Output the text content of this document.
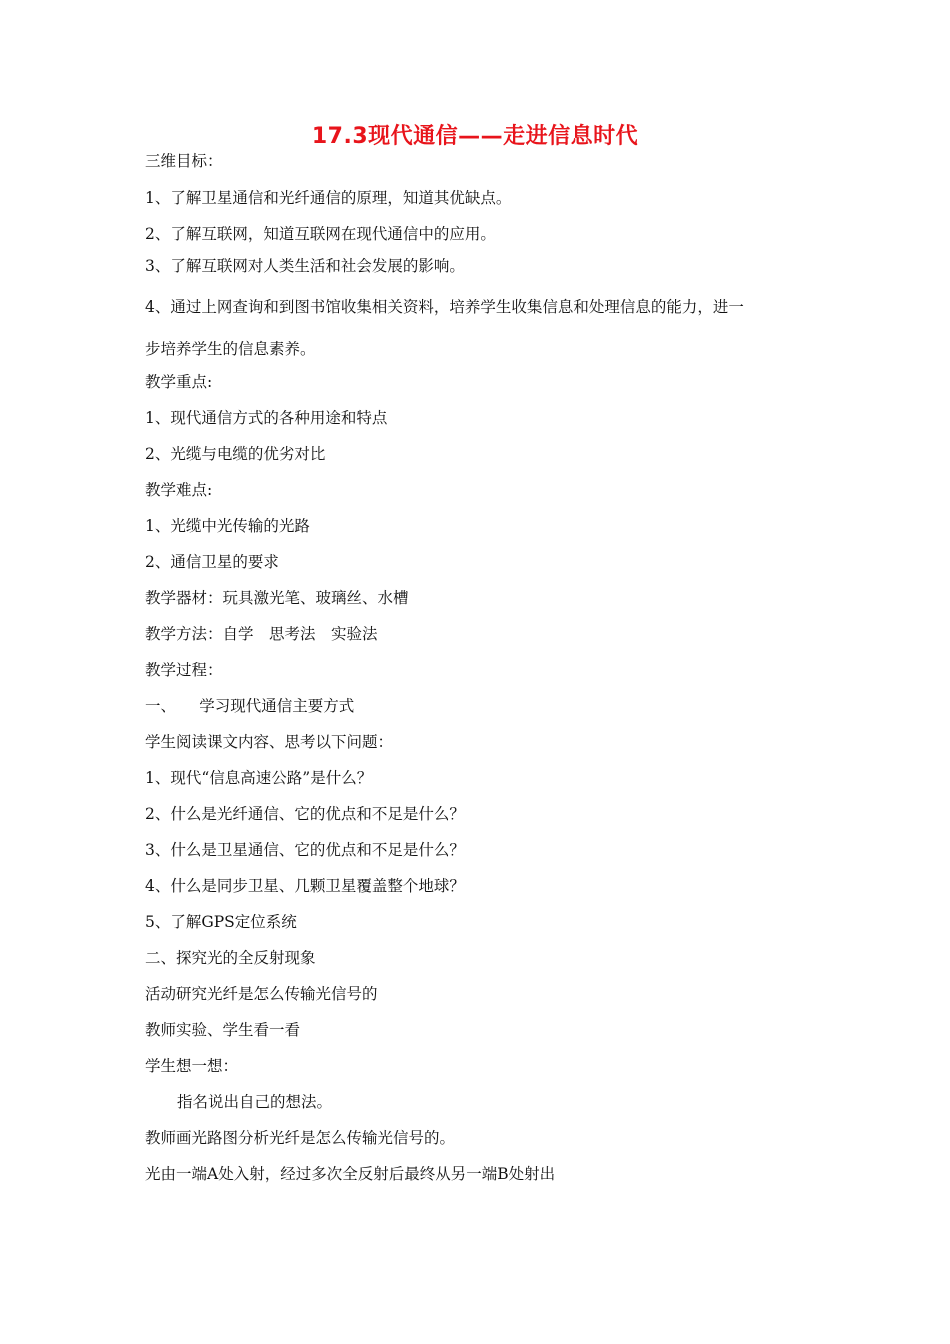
17.3现代通信——走进信息时代
三维目标：
1、了解卫星通信和光纤通信的原理，知道其优缺点。
2、了解互联网，知道互联网在现代通信中的应用。
3、了解互联网对人类生活和社会发展的影响。
4、通过上网查询和到图书馆收集相关资料，培养学生收集信息和处理信息的能力，进一
步培养学生的信息素养。
教学重点:
1、现代通信方式的各种用途和特点
2、光缆与电缆的优劣对比
教学难点:
1、光缆中光传输的光路
2、通信卫星的要求
教学器材：玩具激光笔、玻璃丝、水槽
教学方法：自学　思考法　实验法
教学过程：
一、　　学习现代通信主要方式
学生阅读课文内容、思考以下问题：
1、现代“信息高速公路”是什么？
2、什么是光纤通信、它的优点和不足是什么？
3、什么是卫星通信、它的优点和不足是什么？
4、什么是同步卫星、几颗卫星覆盖整个地球？
5、了解GPS定位系统
二、探究光的全反射现象
活动研究光纤是怎么传输光信号的
教师实验、学生看一看
学生想一想：
指名说出自己的想法。
教师画光路图分析光纤是怎么传输光信号的。
光由一端A处入射，经过多次全反射后最终从另一端B处射出
